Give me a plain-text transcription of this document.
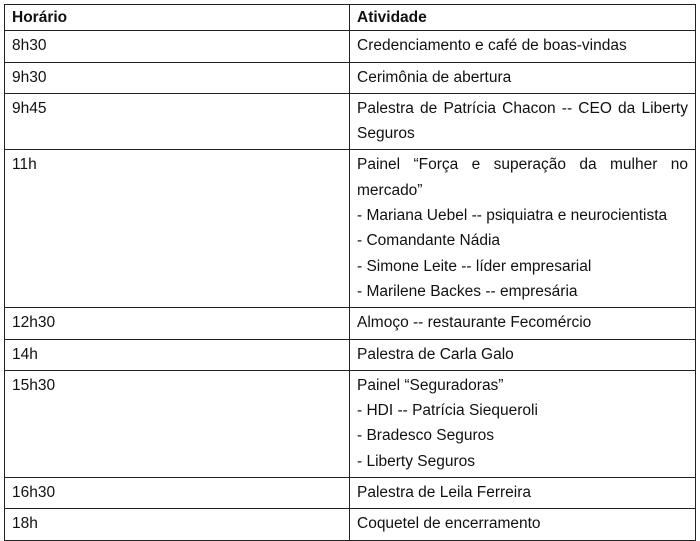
Horário	Atividade
8h30	Credenciamento e café de boas-vindas

9h30	Cerimônia de abertura

9h45	Palestra de Patrícia Chacon -- CEO da Liberty Seguros

11h	Painel “Força e superação da mulher no mercado”
- Mariana Uebel -- psiquiatra e neurocientista
- Comandante Nádia
- Simone Leite -- líder empresarial
- Marilene Backes -- empresária

12h30	Almoço -- restaurante Fecomércio

14h	Palestra de Carla Galo

15h30	Painel “Seguradoras”
- HDI -- Patrícia Siequeroli
- Bradesco Seguros
- Liberty Seguros

16h30	Palestra de Leila Ferreira

18h	Coquetel de encerramento
